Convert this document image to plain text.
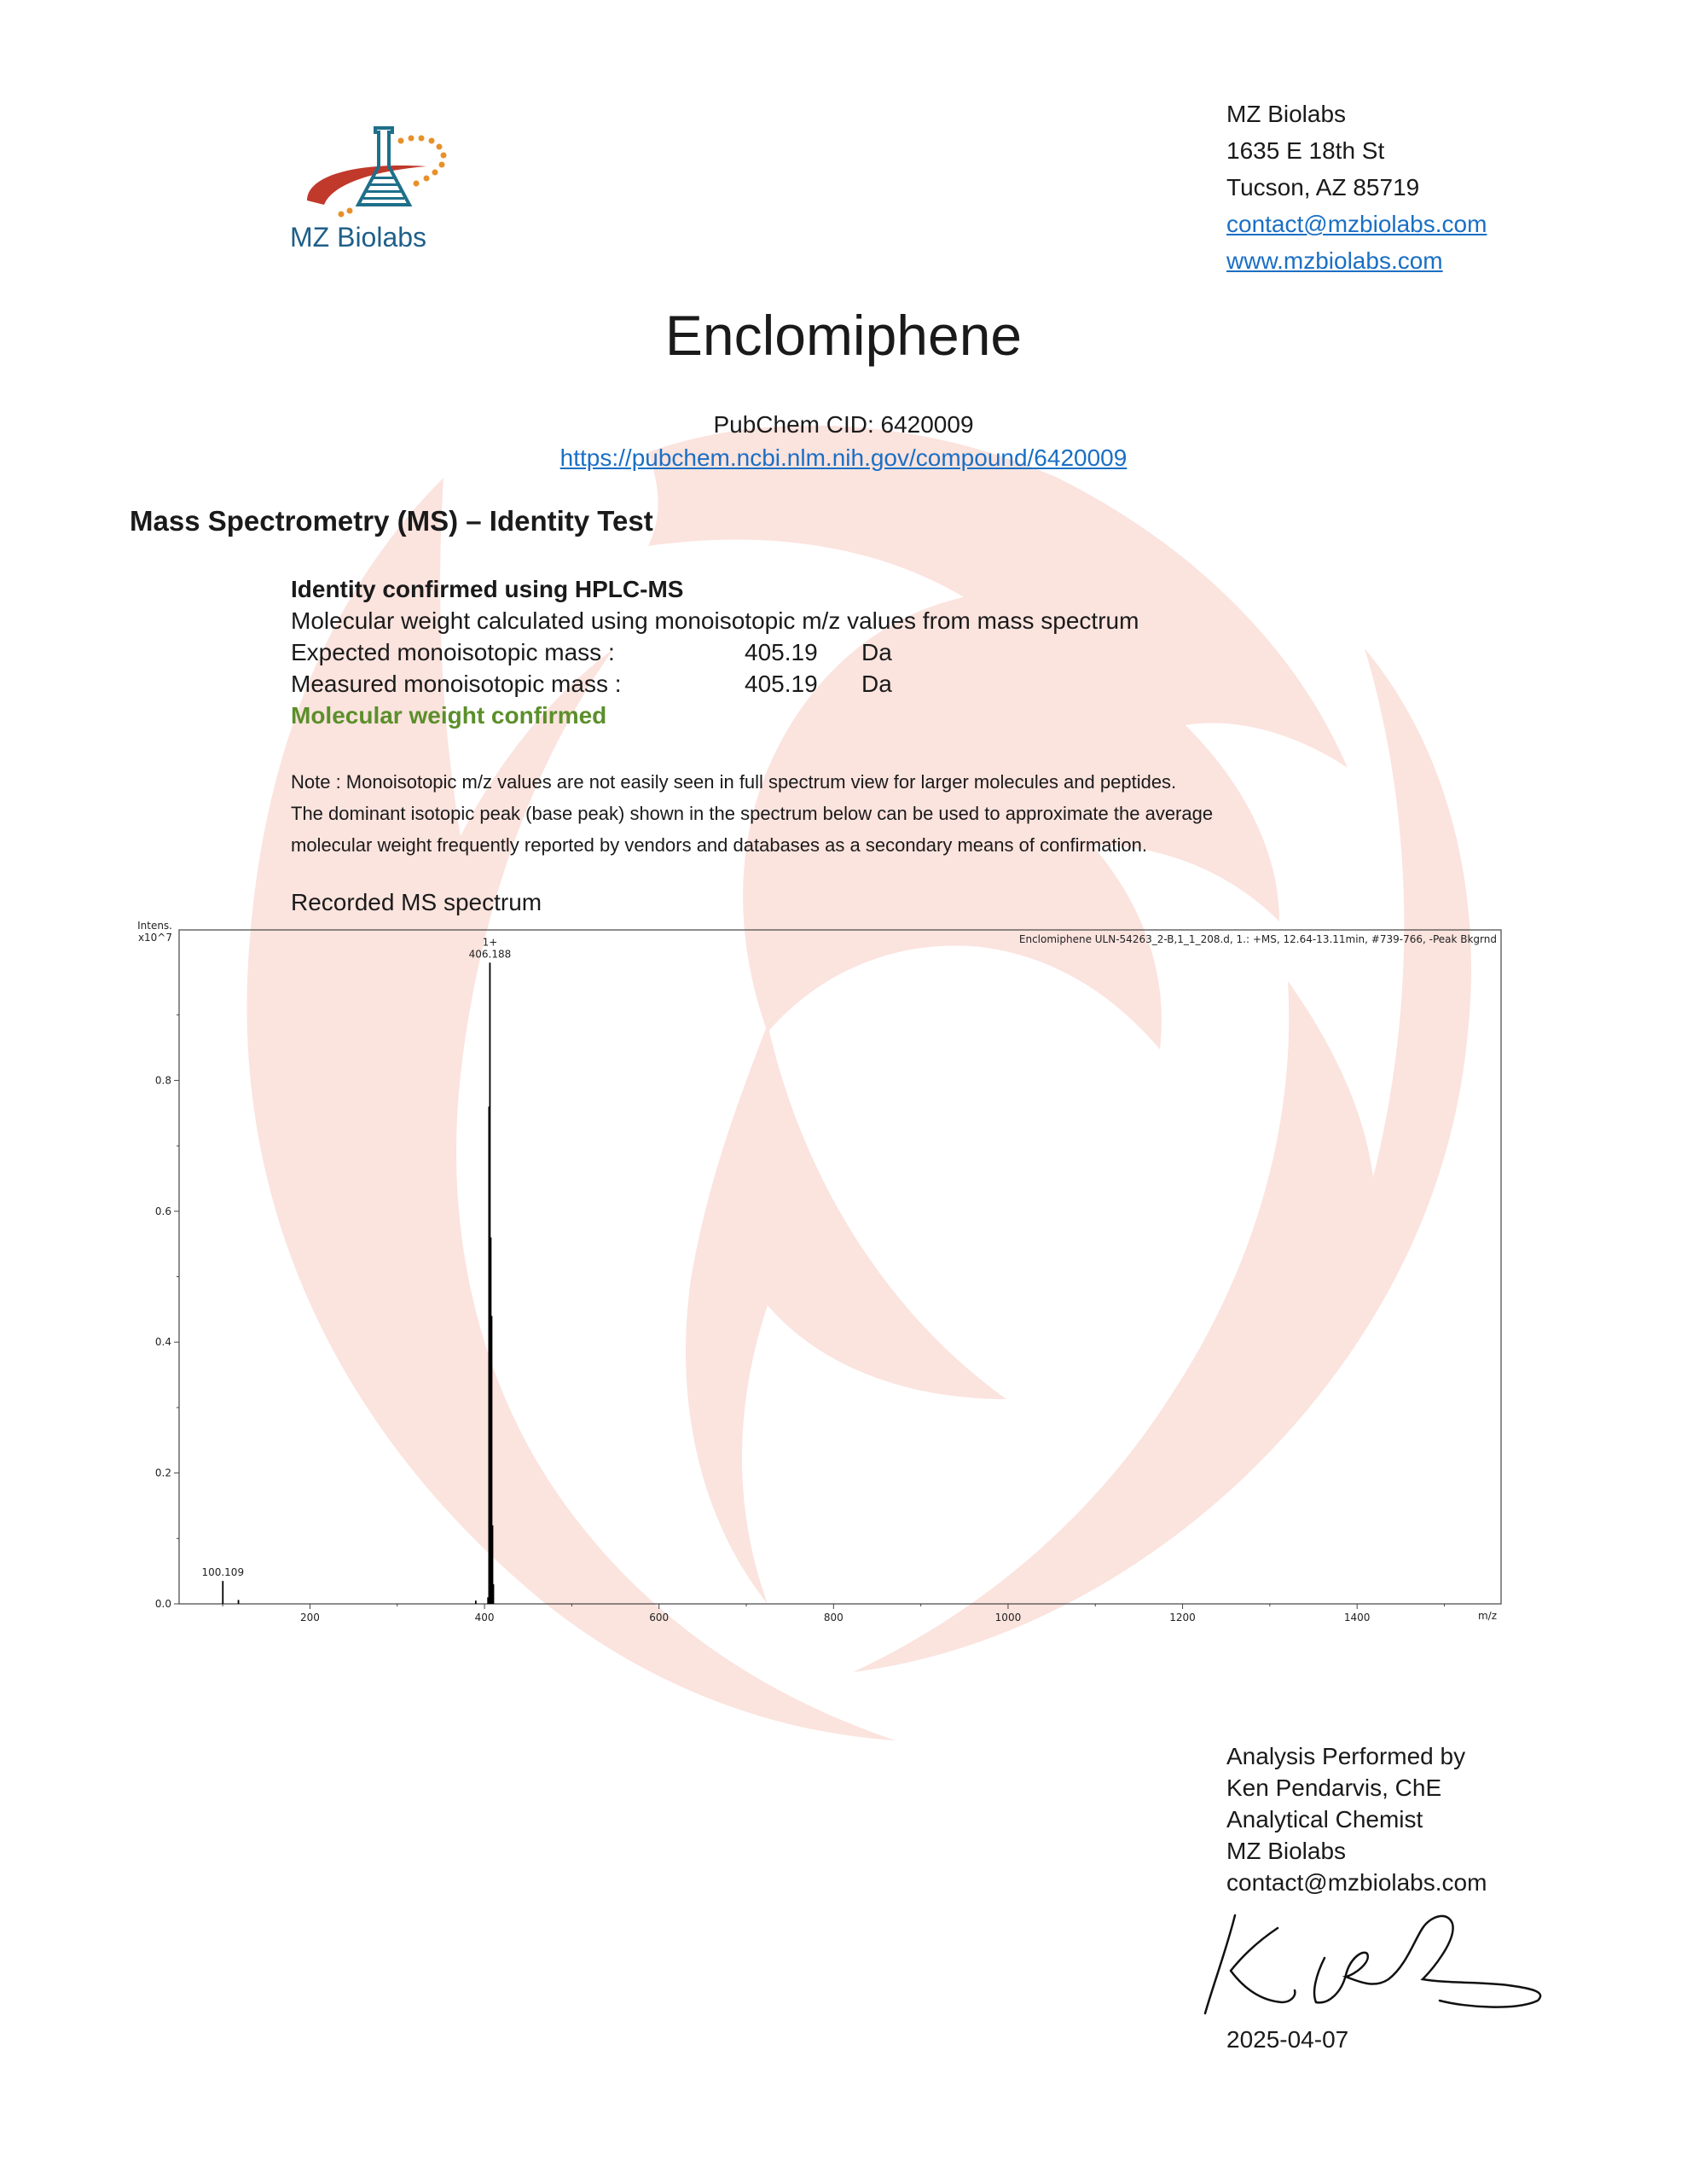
MZ Biolabs
MZ Biolabs
1635 E 18th St
Tucson, AZ 85719
contact@mzbiolabs.com
www.mzbiolabs.com
Enclomiphene
PubChem CID: 6420009
https://pubchem.ncbi.nlm.nih.gov/compound/6420009
Mass Spectrometry (MS) – Identity Test
Identity confirmed using HPLC-MS
Molecular weight calculated using monoisotopic m/z values from mass spectrum
Expected monoisotopic mass :	405.19 Da
Measured monoisotopic mass :	405.19 Da
Molecular weight confirmed
Note : Monoisotopic m/z values are not easily seen in full spectrum view for larger molecules and peptides.
The dominant isotopic peak (base peak) shown in the spectrum below can be used to approximate the average
molecular weight frequently reported by vendors and databases as a secondary means of confirmation.
Recorded MS spectrum
Intens.
x10^7	Enclomiphene ULN-54263_2-B,1_1_208.d, 1.: +MS, 12.64-13.11min, #739-766, -Peak Bkgrnd
m/z
200	400	600	800	1000	1200	1400
0.0
0.2
0.4
0.6
0.8
100.109
406.188
1+
Analysis Performed by
Ken Pendarvis, ChE
Analytical Chemist
MZ Biolabs
contact@mzbiolabs.com
2025-04-07
